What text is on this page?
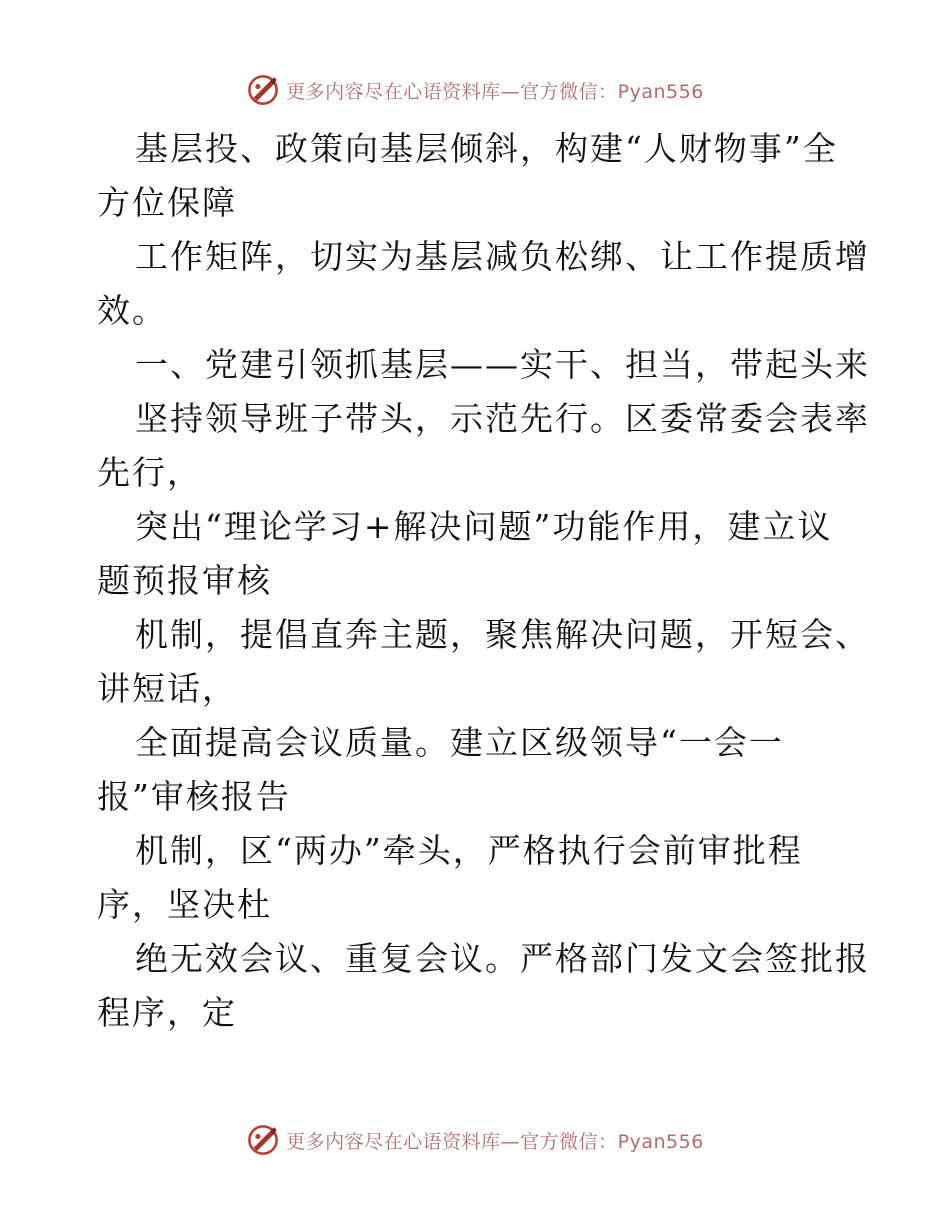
更多内容尽在心语资料库—官方微信：Pyan556
基层投、政策向基层倾斜，构建“人财物事”全
方位保障
工作矩阵，切实为基层减负松绑、让工作提质增
效。
一、党建引领抓基层——实干、担当，带起头来
坚持领导班子带头，示范先行。区委常委会表率
先行，
突出“理论学习+解决问题”功能作用，建立议
题预报审核
机制，提倡直奔主题，聚焦解决问题，开短会、
讲短话，
全面提高会议质量。建立区级领导“一会一
报”审核报告
机制，区“两办”牵头，严格执行会前审批程
序，坚决杜
绝无效会议、重复会议。严格部门发文会签批报
程序，定
更多内容尽在心语资料库—官方微信：Pyan556
